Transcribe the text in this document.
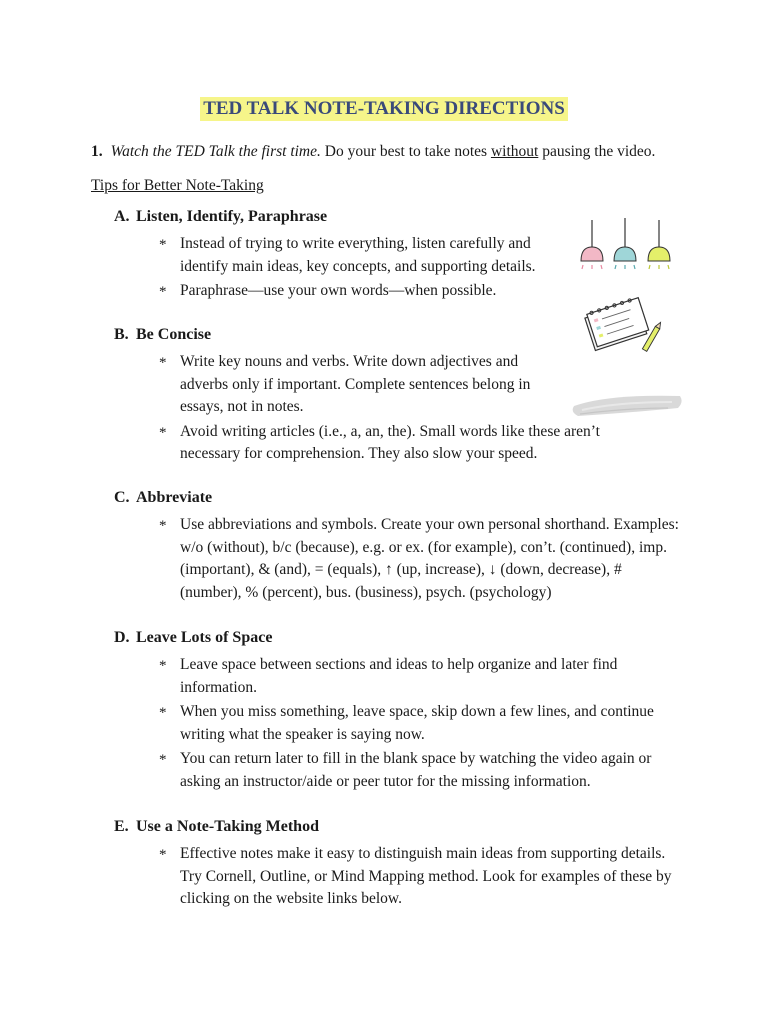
TED TALK NOTE-TAKING DIRECTIONS
1. Watch the TED Talk the first time. Do your best to take notes without pausing the video.
Tips for Better Note-Taking
A. Listen, Identify, Paraphrase
* Instead of trying to write everything, listen carefully and identify main ideas, key concepts, and supporting details.
* Paraphrase—use your own words—when possible.
B. Be Concise
* Write key nouns and verbs. Write down adjectives and adverbs only if important. Complete sentences belong in essays, not in notes.
* Avoid writing articles (i.e., a, an, the). Small words like these aren’t necessary for comprehension. They also slow your speed.
C. Abbreviate
* Use abbreviations and symbols. Create your own personal shorthand. Examples: w/o (without), b/c (because), e.g. or ex. (for example), con’t. (continued), imp. (important), & (and), = (equals), ↑ (up, increase), ↓ (down, decrease), # (number), % (percent), bus. (business), psych. (psychology)
D. Leave Lots of Space
* Leave space between sections and ideas to help organize and later find information.
* When you miss something, leave space, skip down a few lines, and continue writing what the speaker is saying now.
* You can return later to fill in the blank space by watching the video again or asking an instructor/aide or peer tutor for the missing information.
E. Use a Note-Taking Method
* Effective notes make it easy to distinguish main ideas from supporting details. Try Cornell, Outline, or Mind Mapping method. Look for examples of these by clicking on the website links below.
